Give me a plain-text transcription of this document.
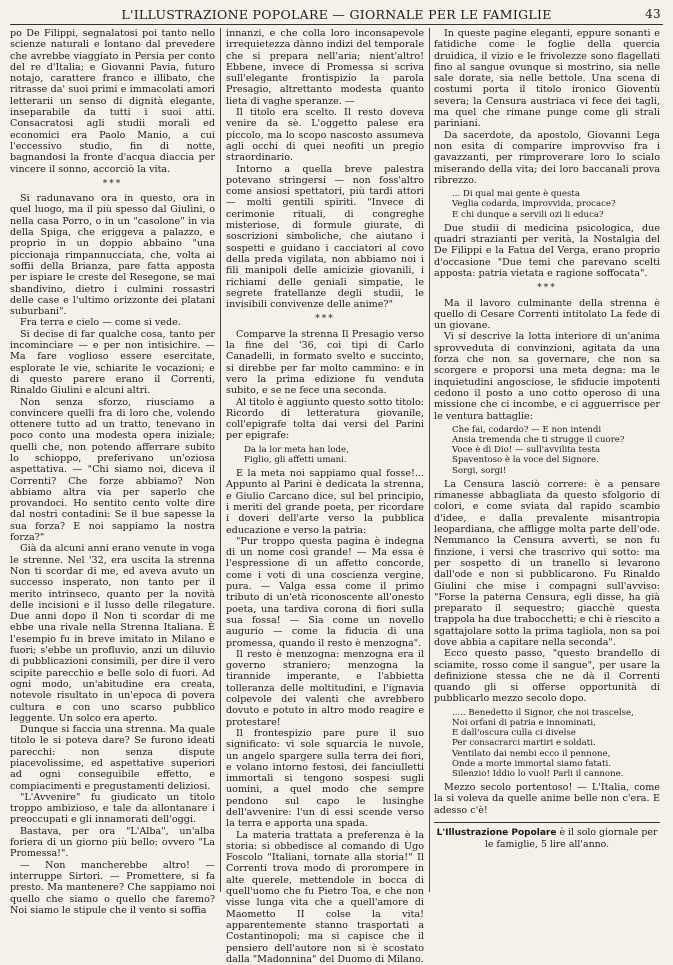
L'ILLUSTRAZIONE POPOLARE — GIORNALE PER LE FAMIGLIE	43

po De Filippi, segnalatosi poi tanto nello scienze naturali e lontano dal prevedere che avrebbe viaggiato in Persia per conto del re d'Italia; e Giovanni Pavia, futuro notajo, carattere franco e illibato, che ritrasse da' suoi primi e immacolati amori letterarii un senso di dignità elegante, inseparabile da tutti i suoi atti. Consacratosi agli studii morali ed economici era Paolo Manio, a cui l'eccessivo studio, fin di notte, bagnandosi la fronte d'acqua diaccia per vincere il sonno, accorciò la vita.

***

Si radunavano ora in questo, ora in quel luogo, ma il più spesso dal Giulini, o nella casa Porro, o in un "casolone" in via della Spiga, che eriggeva a palazzo, e proprio in un doppio abbaino "una piccionaja rimpannucciata, che, volta ai soffii della Brianza, pare fatta apposta per ispiare le creste del Resegone, se mai sbandivino, dietro i culmini rossastri delle case e l'ultimo orizzonte dei platani suburbani".

Fra terra e cielo — come si vede.

Si decise di far qualche cosa, tanto per incominciare — e per non intisichire. — Ma fare voglioso essere esercitate, esplorate le vie, schiarite le vocazioni; e di questo parere erano il Correnti, Rinaldo Giulini e alcuni altri.

Non senza sforzo, riusciamo a convincere quelli fra di loro che, volendo ottenere tutto ad un tratto, tenevano in poco conto una modesta opera iniziale; quelli che, non potendo afferrare subito lo schioppo, preferivano un'oziosa aspettativa. — "Chi siamo noi, diceva il Correnti? Che forze abbiamo? Non abbiamo altra via per saperlo che provandoci. Ho sentito cento volte dire dal nostri contadini: Se il bue sapesse la sua forza? E noi sappiamo la nostra forza?"

Già da alcuni anni erano venute in voga le strenne. Nel '32, era uscita la strenna Non ti scordar di me, ed aveva avuto un successo insperato, non tanto per il merito intrinseco, quanto per la novità delle incisioni e il lusso delle rilegature. Due anni dopo il Non ti scordar di me ebbe una rivale nella Strenna Italiana. È l'esempio fu in breve imitato in Milano e fuori; s'ebbe un profluvio, anzi un diluvio di pubblicazioni consimili, per dire il vero scipite parecchio e belle solo di fuori. Ad ogni modo, un'abitudine era creata, notevole risultato in un'epoca di povera cultura e con uno scarso pubblico leggente. Un solco era aperto.

Dunque si faccia una strenna. Ma quale titolo le si poteva dare? Se furono ideati parecchi: non senza dispute piacevolissime, ed aspettative superiori ad ogni conseguibile effetto, e compiacimenti e pregustamenti deliziosi.

"L'Avvenire" fu giudicato un titolo troppo ambizioso, e tale da allontanare i preoccupati e gli innamorati dell'oggi.

Bastava, per ora "L'Alba", un'alba foriera di un giorno più bello: ovvero "La Promessa!".

— Non mancherebbe altro! — interruppe Sirtori. — Promettere, si fa presto. Ma mantenere? Che sappiamo noi quello che siamo o quello che faremo? Noi siamo le stipule che il vento si soffia

innanzi, e che colla loro inconsapevole irrequietezza dànno indizi del temporale che si prepara nell'aria; nient'altro! Ebbene, invece di Promessa si scriva sull'elegante frontispizio la parola Presagio, altrettanto modesta quanto lieta di vaghe speranze. —

Il titolo era scelto. Il resto doveva venire da sè. L'oggetto palese era piccolo, ma lo scopo nascosto assumeva agli occhi di quei neofiti un pregio straordinario.

Intorno a quella breve palestra potevano stringersi — non foss'altro come ansiosi spettatori, più tardi attori — molti gentili spiriti. "Invece di cerimonie rituali, di congreghe misteriose, di formule giurate, di soscrizioni simboliche, che aiutano i sospetti e guidano i cacciatori al covo della preda vigilata, non abbiamo noi i fili manipoli delle amicizie giovanili, i richiami delle geniali simpatie, le segrete fratellanze degli studii, le invisibili convivenze delle anime?"

***

Comparve la strenna Il Presagio verso la fine del '36, coi tipi di Carlo Canadelli, in formato svelto e succinto, si direbbe per far molto cammino: e in vero la prima edizione fu venduta subito, e se ne fece una seconda.

Al titolo è aggiunto questo sotto titolo: Ricordo di letteratura giovanile, coll'epigrafe tolta dai versi del Parini per epigrafe:

Da la lor meta han lode,
Figlio, gli affetti umani.

E la meta noi sappiamo qual fosse!... Appunto al Parini è dedicata la strenna, e Giulio Carcano dice, sul bel principio, i meriti del grande poeta, per ricordare i doveri dell'arte verso la pubblica educazione e verso la patria:

"Pur troppo questa pagina è indegna di un nome così grande! — Ma essa è l'espressione di un affetto concorde, come i voti di una coscienza vergine, pura. — Valga essa come il primo tributo di un'età riconoscente all'onesto poeta, una tardiva corona di fiori sulla sua fossa! — Sia come un novello augurio — come la fiducia di una promessa, quando il resto è menzogna".

Il resto è menzogna: menzogna era il governo straniero; menzogna la tirannide imperante, e l'abbietta tolleranza delle moltitudini, e l'ignavia colpevole dei valenti che avrebbero dovuto e potuto in altro modo reagire e protestare!

Il frontespizio pare pure il suo significato: vi sole squarcia le nuvole, un angelo spargere sulla terra dei fiori, e volano intorno festosi, dei fanciulletti immortali si tengono sospesi sugli uomini, a quel modo che sempre pendono sul capo le lusinghe dell'avvenire: l'un di essi scende verso la terra e apporta una spada.

La materia trattata a preferenza è la storia: si obbedisce al comando di Ugo Foscolo "Italiani, tornate alla storia!" Il Correnti trova modo di prorompere in alte querele, mettendole in bocca di quell'uomo che fu Pietro Toa, e che non visse lunga vita che a quell'amore di Maometto II colse la vita! apparentemente stanno trasportati a Costantinopoli; ma si capisce che il pensiero dell'autore non si è scostato dalla "Madonnina" del Duomo di Milano.

In queste pagine eleganti, eppure sonanti e fatidiche come le foglie della quercia druidica, il vizio e le frivolezze sono flagellati fino al sangue ovunque si mostrino, sia nelle sale dorate, sia nelle bettole. Una scena di costumi porta il titolo ironico Gioventù severa; la Censura austriaca vi fece dei tagli, ma quel che rimane punge come gli strali pariniani.

Da sacerdote, da apostolo, Giovanni Lega non esita di comparire improvviso fra i gavazzanti, per rimproverare loro lo scialo miserando della vita; dei loro baccanali prova ribrezzo.

... Di qual mai gente è questa
Veglia codarda, improvvida, procace?
E chi dunque a servili ozi li educa?

Due studii di medicina psicologica, due quadri strazianti per verità, la Nostalgia del De Filippi e la Fatua del Verga, erano proprio d'occasione "Due temi che parevano scelti apposta: patria vietata e ragione soffocata".

***

Ma il lavoro culminante della strenna è quello di Cesare Correnti intitolato La fede di un giovane.

Vi si descrive la lotta interiore di un'anima sprovveduta di convinzioni, agitata da una forza che non sa governare, che non sa scorgere e proporsi una meta degna: ma le inquietudini angosciose, le sfiducie impotenti cedono il posto a uno cotto operoso di una missione che ci incombe, e ci agguerrisce per le ventura battaglie:

Che fai, codardo? — E non intendi
Ansia tremenda che ti strugge il cuore?
Voce è di Dio! — sull'avvilita testa
Spaventoso è la voce del Signore.
Sorgi, sorgi!

La Censura lasciò correre: è a pensare rimanesse abbagliata da questo sfolgorio di colori, e come sviata dal rapido scambio d'idee, e dalla prevalente misantropia leopardiana, che affligge molta parte dell'ode. Nemmanco la Censura avvertì, se non fu finzione, i versi che trascrivo qui sotto: ma per sospetto di un tranello si levarono dall'ode e non si pubblicarono. Fu Rinaldo Giulini che mise i compagni sull'avviso: "Forse la paterna Censura, egli disse, ha già preparato il sequestro; giacchè questa trappola ha due trabocchetti; e chi è riescito a sgattajolare sotto la prima tagliola, non sa poi dove abbia a capitare nella seconda".

Ecco questo passo, "questo brandello di sciamite, rosso come il sangue", per usare la definizione stessa che ne dà il Correnti quando gli si offerse opportunità di pubblicarlo mezzo secolo dopo.

..... Benedetto il Signor, che noi trascelse,
Noi orfani di patria e innominati,
E dall'oscura culla ci divelse
Per consacrarci martiri e soldati.
Ventilato dai nembi ecco il pennone,
Onde a morte immortal siamo fatati.
Silenzio! Iddio lo vuol! Parli il cannone.

Mezzo secolo portentoso! — L'Italia, come la si voleva da quelle anime belle non c'era. E adesso c'è!

L'Illustrazione Popolare è il solo giornale per le famiglie, 5 lire all'anno.
